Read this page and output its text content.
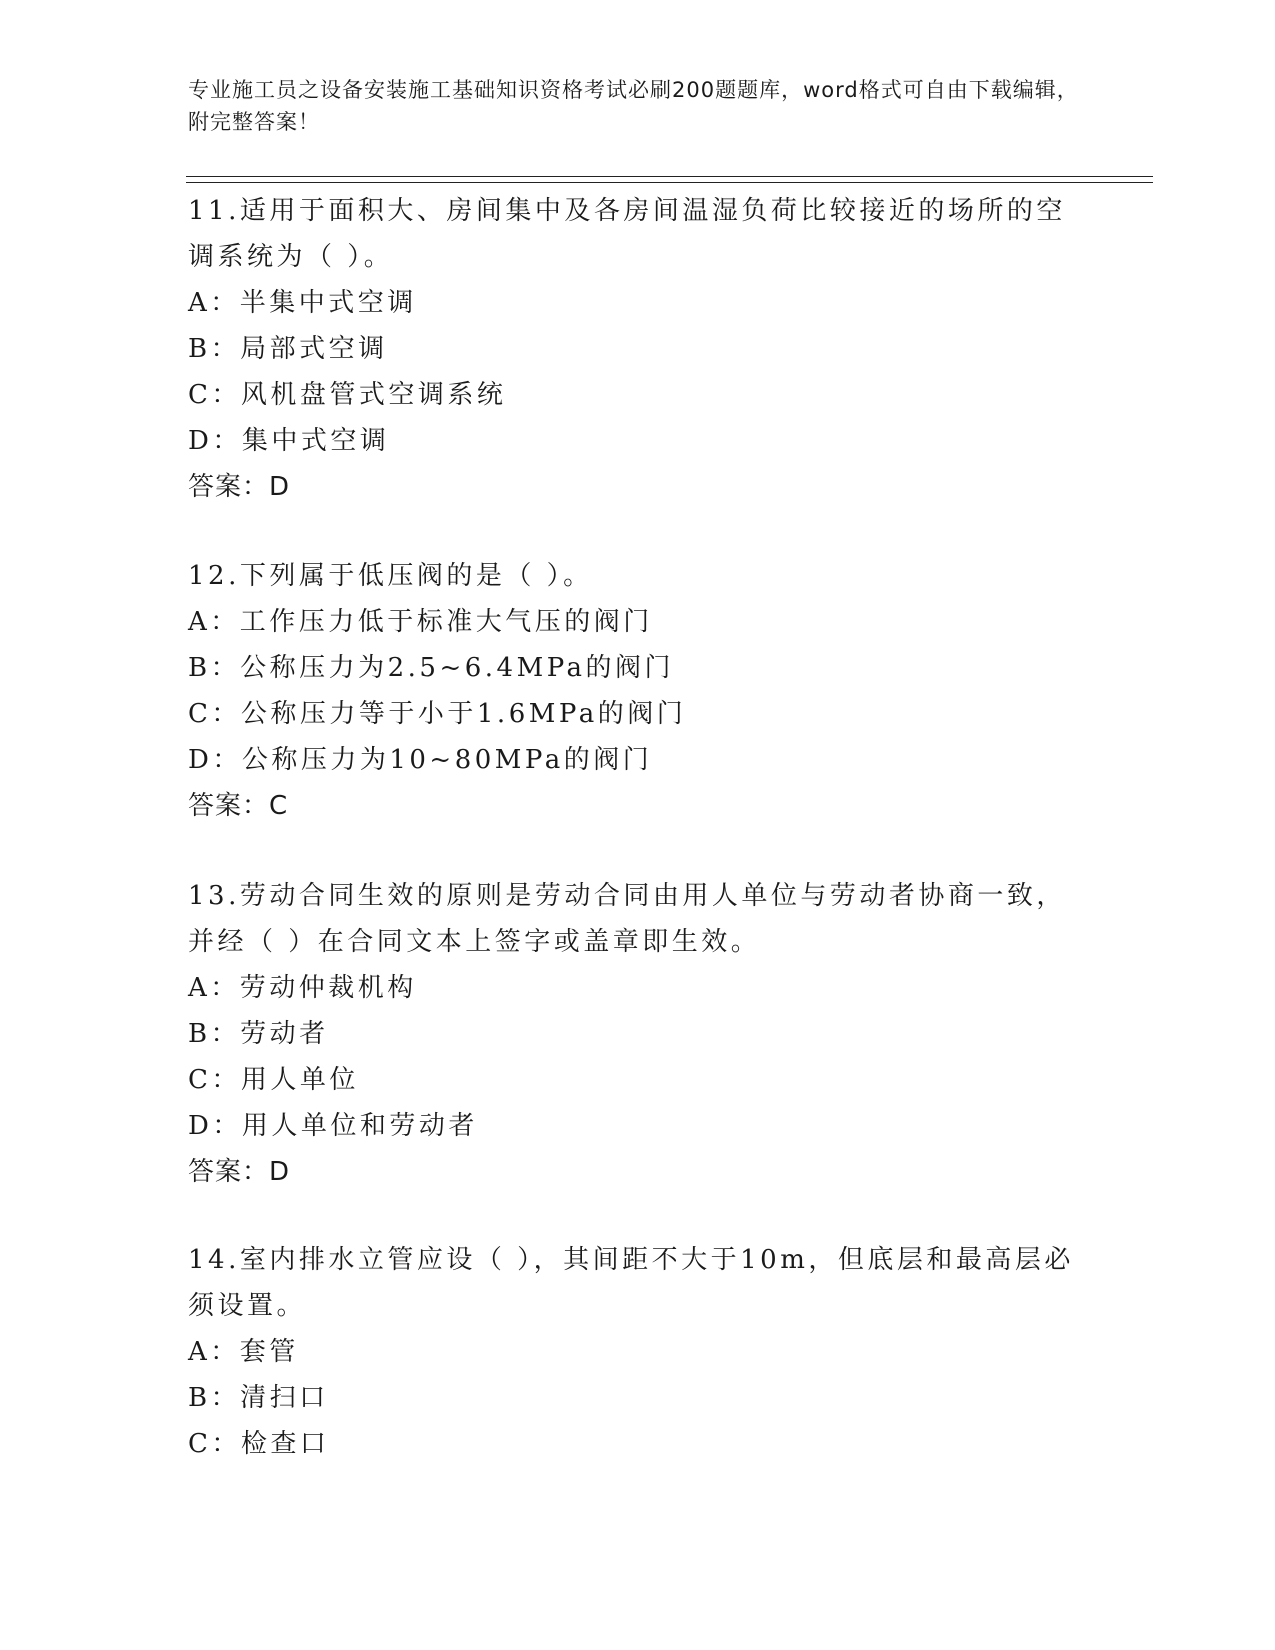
专业施工员之设备安装施工基础知识资格考试必刷200题题库，word格式可自由下载编辑，附完整答案！
11.适用于面积大、房间集中及各房间温湿负荷比较接近的场所的空调系统为（ ）。
A：半集中式空调
B：局部式空调
C：风机盘管式空调系统
D：集中式空调
答案：D
12.下列属于低压阀的是（ ）。
A：工作压力低于标准大气压的阀门
B：公称压力为2.5~6.4MPa的阀门
C：公称压力等于小于1.6MPa的阀门
D：公称压力为10~80MPa的阀门
答案：C
13.劳动合同生效的原则是劳动合同由用人单位与劳动者协商一致，并经（ ）在合同文本上签字或盖章即生效。
A：劳动仲裁机构
B：劳动者
C：用人单位
D：用人单位和劳动者
答案：D
14.室内排水立管应设（ ），其间距不大于10m，但底层和最高层必须设置。
A：套管
B：清扫口
C：检查口
